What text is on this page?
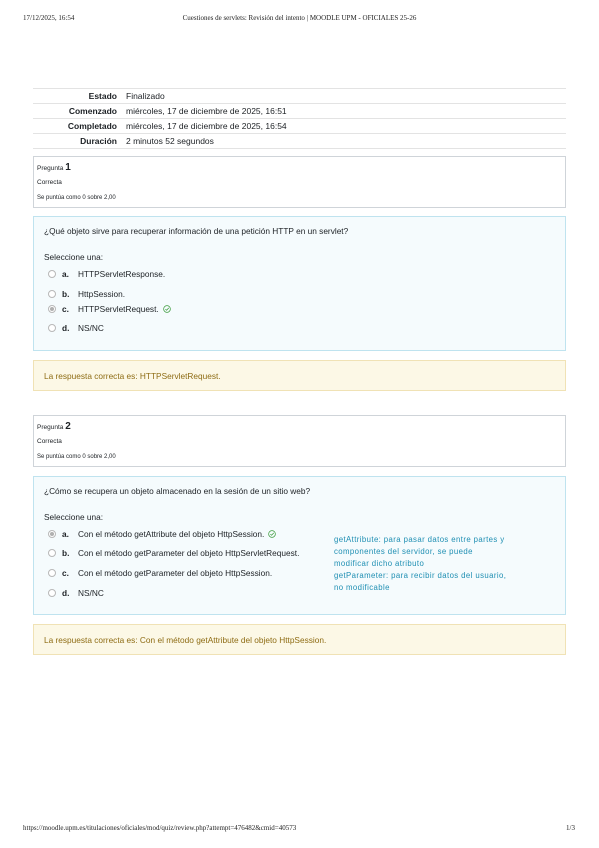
17/12/2025, 16:54	Cuestiones de servlets: Revisión del intento | MOODLE UPM - OFICIALES 25-26
Estado	Finalizado
Comenzado	miércoles, 17 de diciembre de 2025, 16:51
Completado	miércoles, 17 de diciembre de 2025, 16:54
Duración	2 minutos 52 segundos
Pregunta 1
Correcta
Se puntúa como 0 sobre 2,00
¿Qué objeto sirve para recuperar información de una petición HTTP en un servlet?
Seleccione una:
a.	HTTPServletResponse.
b.	HttpSession.
c.	HTTPServletRequest.
d.	NS/NC
La respuesta correcta es: HTTPServletRequest.
Pregunta 2
Correcta
Se puntúa como 0 sobre 2,00
¿Cómo se recupera un objeto almacenado en la sesión de un sitio web?
Seleccione una:
a.	Con el método getAttribute del objeto HttpSession.
b.	Con el método getParameter del objeto HttpServletRequest.
c.	Con el método getParameter del objeto HttpSession.
d.	NS/NC
getAttribute: para pasar datos entre partes y
componentes del servidor, se puede
modificar dicho atributo
getParameter: para recibir datos del usuario,
no modificable
La respuesta correcta es: Con el método getAttribute del objeto HttpSession.
https://moodle.upm.es/titulaciones/oficiales/mod/quiz/review.php?attempt=476482&cmid=40573	1/3
